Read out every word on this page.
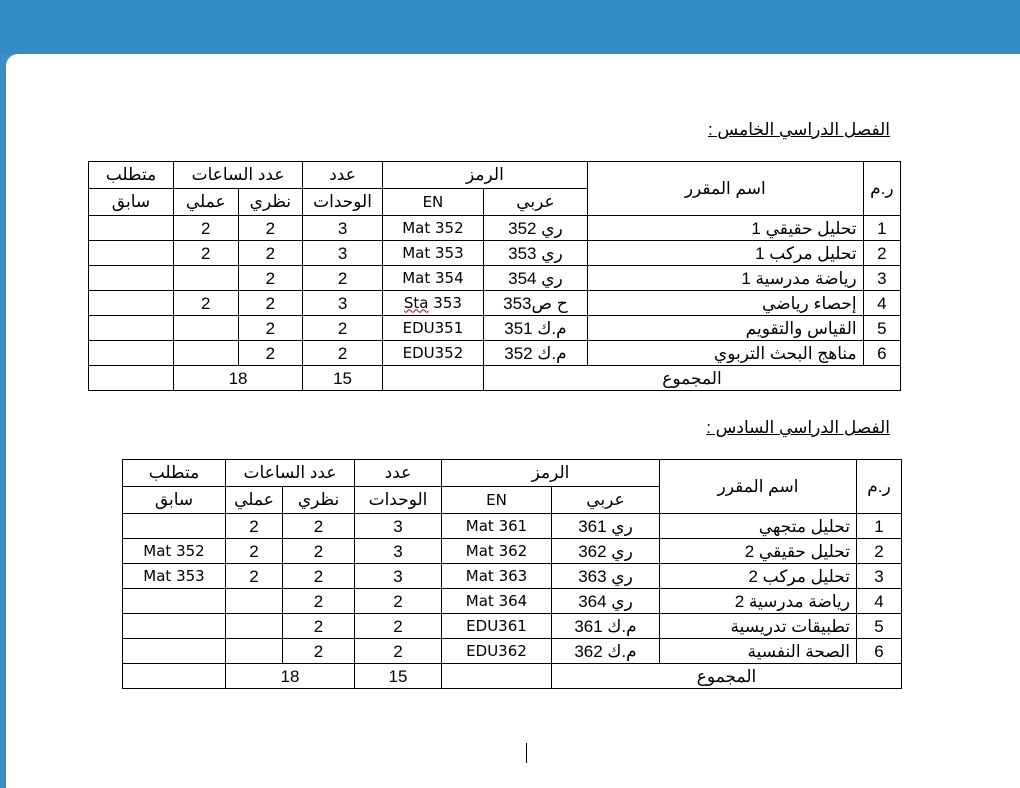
الفصل الدراسي الخامس :
ر.م	اسم المقرر	الرمز		عدد	عدد الساعات		متطلب
		عربي	EN	الوحدات	نظري	عملي	سابق
1	تحليل حقيقي 1	ري 352	Mat 352	3	2	2	
2	تحليل مركب 1	ري 353	Mat 353	3	2	2	
3	رياضة مدرسية 1	ري 354	Mat 354	2	2		
4	إحصاء رياضي	ح ص353	Sta 353	3	2	2	
5	القياس والتقويم	م.ك 351	EDU351	2	2		
6	مناهج البحث التربوي	م.ك 352	EDU352	2	2		
المجموع				15	18		
الفصل الدراسي السادس :
ر.م	اسم المقرر	الرمز		عدد	عدد الساعات		متطلب
		عربي	EN	الوحدات	نظري	عملي	سابق
1	تحليل متجهي	ري 361	Mat 361	3	2	2	
2	تحليل حقيقي 2	ري 362	Mat 362	3	2	2	Mat 352
3	تحليل مركب 2	ري 363	Mat 363	3	2	2	Mat 353
4	رياضة مدرسية 2	ري 364	Mat 364	2	2		
5	تطبيقات تدريسية	م.ك 361	EDU361	2	2		
6	الصحة النفسية	م.ك 362	EDU362	2	2		
المجموع				15	18		
